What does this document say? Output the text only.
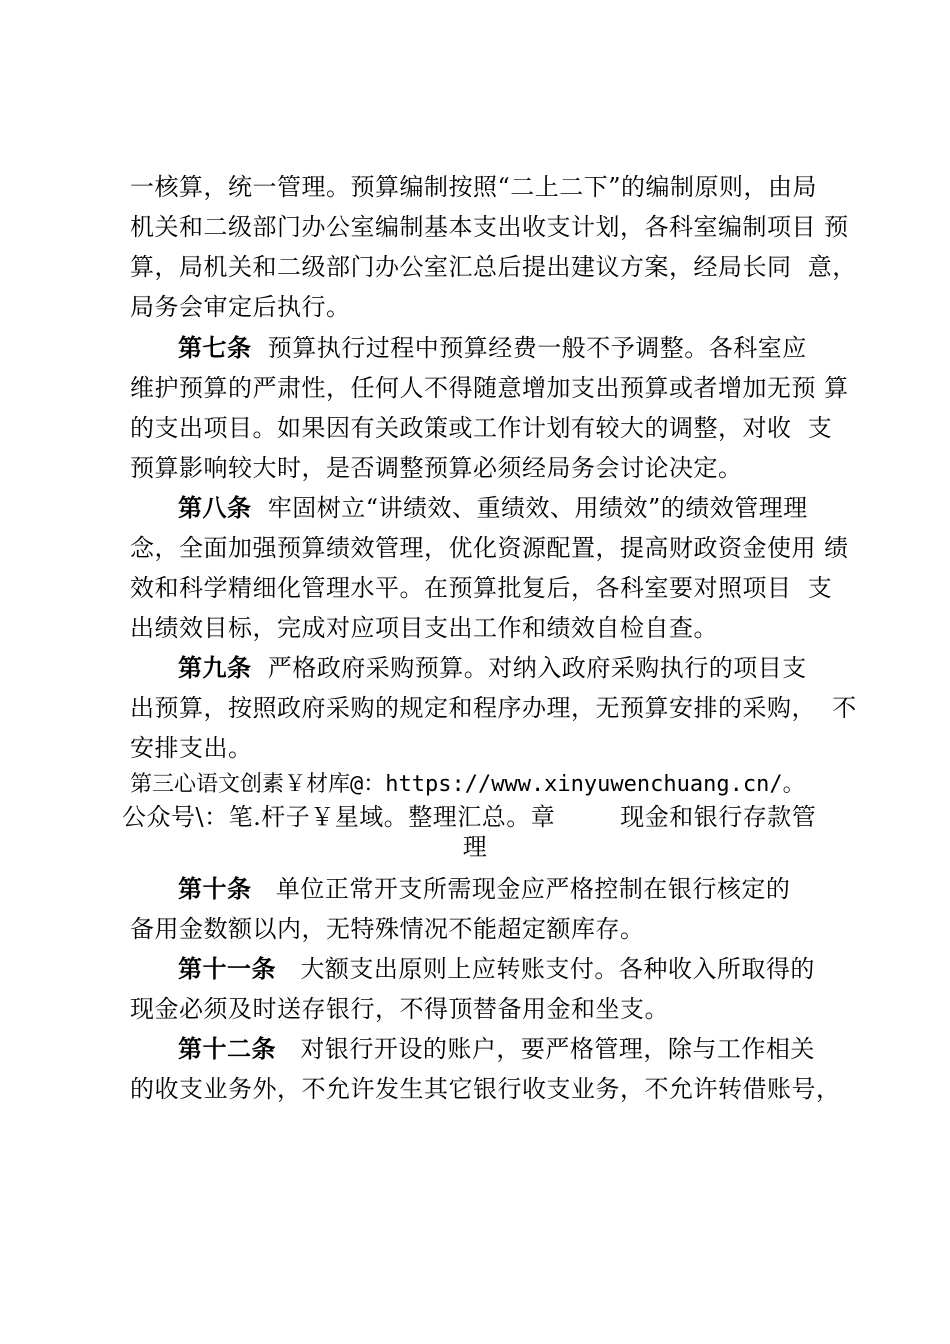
一核算，统一管理。预算编制按照“二上二下”的编制原则，由局
机关和二级部门办公室编制基本支出收支计划，各科室编制项目 预
算，局机关和二级部门办公室汇总后提出建议方案，经局长同  意，
局务会审定后执行。
第七条  预算执行过程中预算经费一般不予调整。各科室应
维护预算的严肃性，任何人不得随意增加支出预算或者增加无预 算
的支出项目。如果因有关政策或工作计划有较大的调整，对收  支
预算影响较大时，是否调整预算必须经局务会讨论决定。
第八条  牢固树立“讲绩效、重绩效、用绩效”的绩效管理理
念，全面加强预算绩效管理，优化资源配置，提高财政资金使用 绩
效和科学精细化管理水平。在预算批复后，各科室要对照项目  支
出绩效目标，完成对应项目支出工作和绩效自检自查。
第九条  严格政府采购预算。对纳入政府采购执行的项目支
出预算，按照政府采购的规定和程序办理，无预算安排的采购，  不
安排支出。
第三心语文创素￥材库@：https://www.xinyuwenchuang.cn/。
公众号\：笔.杆子￥星域。整理汇总。章        现金和银行存款管
理
第十条   单位正常开支所需现金应严格控制在银行核定的
备用金数额以内，无特殊情况不能超定额库存。
第十一条   大额支出原则上应转账支付。各种收入所取得的
现金必须及时送存银行，不得顶替备用金和坐支。
第十二条   对银行开设的账户，要严格管理，除与工作相关
的收支业务外，不允许发生其它银行收支业务，不允许转借账号，
